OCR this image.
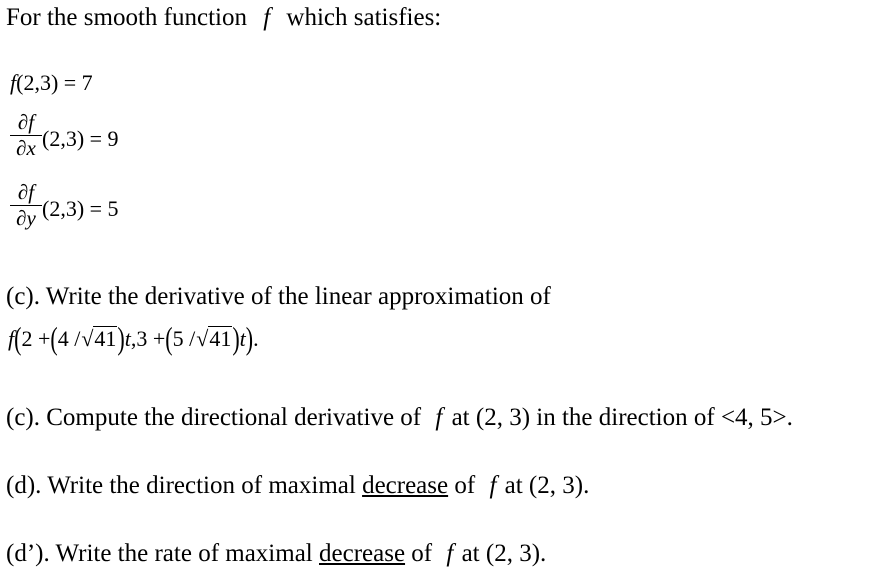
For the smooth function f which satisfies:
f(2,3) = 7
∂f
∂x (2,3) = 9
∂f
∂y (2,3) = 5
(c). Write the derivative of the linear approximation of
f(2 +(4 /√41)t,3 +(5 /√41)t).
(c). Compute the directional derivative of f at (2, 3) in the direction of <4, 5>.
(d). Write the direction of maximal decrease of f at (2, 3).
(d’). Write the rate of maximal decrease of f at (2, 3).
